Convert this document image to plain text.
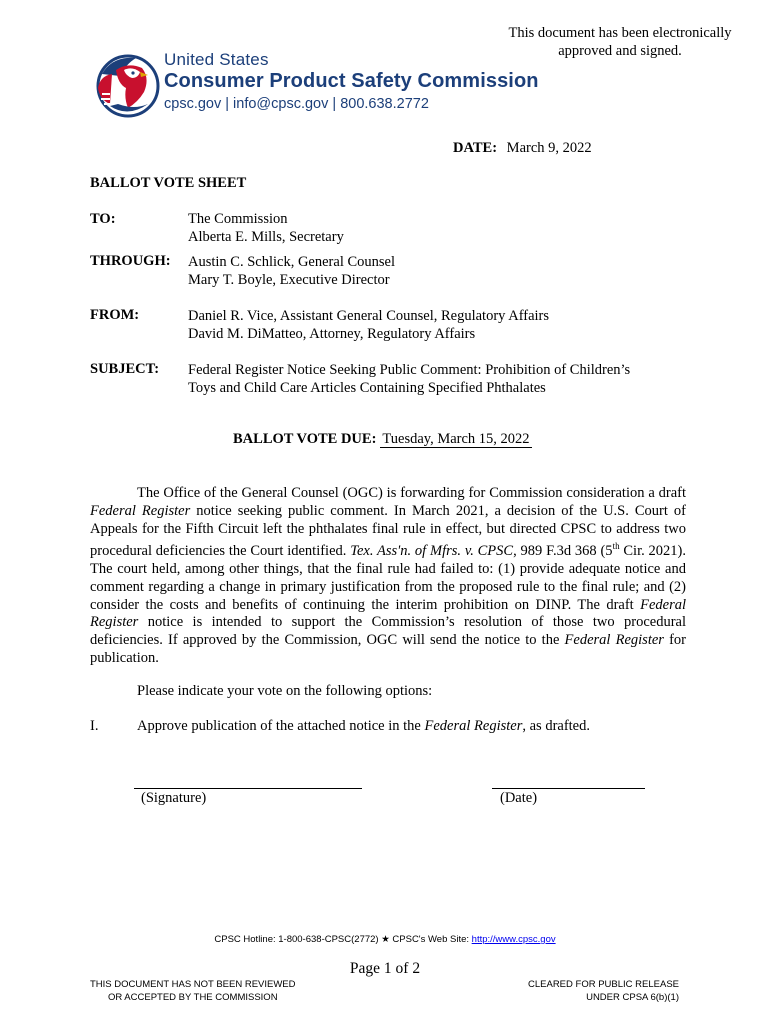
This document has been electronically
approved and signed.
United States
Consumer Product Safety Commission
cpsc.gov | info@cpsc.gov | 800.638.2772
DATE: March 9, 2022
BALLOT VOTE SHEET
TO:	The Commission
Alberta E. Mills, Secretary
THROUGH: Austin C. Schlick, General Counsel
Mary T. Boyle, Executive Director
FROM:	Daniel R. Vice, Assistant General Counsel, Regulatory Affairs
David M. DiMatteo, Attorney, Regulatory Affairs
SUBJECT: Federal Register Notice Seeking Public Comment: Prohibition of Children’s
Toys and Child Care Articles Containing Specified Phthalates
BALLOT VOTE DUE: Tuesday, March 15, 2022

The Office of the General Counsel (OGC) is forwarding for Commission consideration a draft Federal Register notice seeking public comment. In March 2021, a decision of the U.S. Court of Appeals for the Fifth Circuit left the phthalates final rule in effect, but directed CPSC to address two procedural deficiencies the Court identified. Tex. Ass'n. of Mfrs. v. CPSC, 989 F.3d 368 (5th Cir. 2021). The court held, among other things, that the final rule had failed to: (1) provide adequate notice and comment regarding a change in primary justification from the proposed rule to the final rule; and (2) consider the costs and benefits of continuing the interim prohibition on DINP. The draft Federal Register notice is intended to support the Commission’s resolution of those two procedural deficiencies. If approved by the Commission, OGC will send the notice to the Federal Register for publication.

Please indicate your vote on the following options:
I.	Approve publication of the attached notice in the Federal Register, as drafted.
(Signature)	(Date)
CPSC Hotline: 1-800-638-CPSC(2772) ★ CPSC's Web Site: http://www.cpsc.gov
Page 1 of 2
THIS DOCUMENT HAS NOT BEEN REVIEWED
OR ACCEPTED BY THE COMMISSION
CLEARED FOR PUBLIC RELEASE
UNDER CPSA 6(b)(1)
